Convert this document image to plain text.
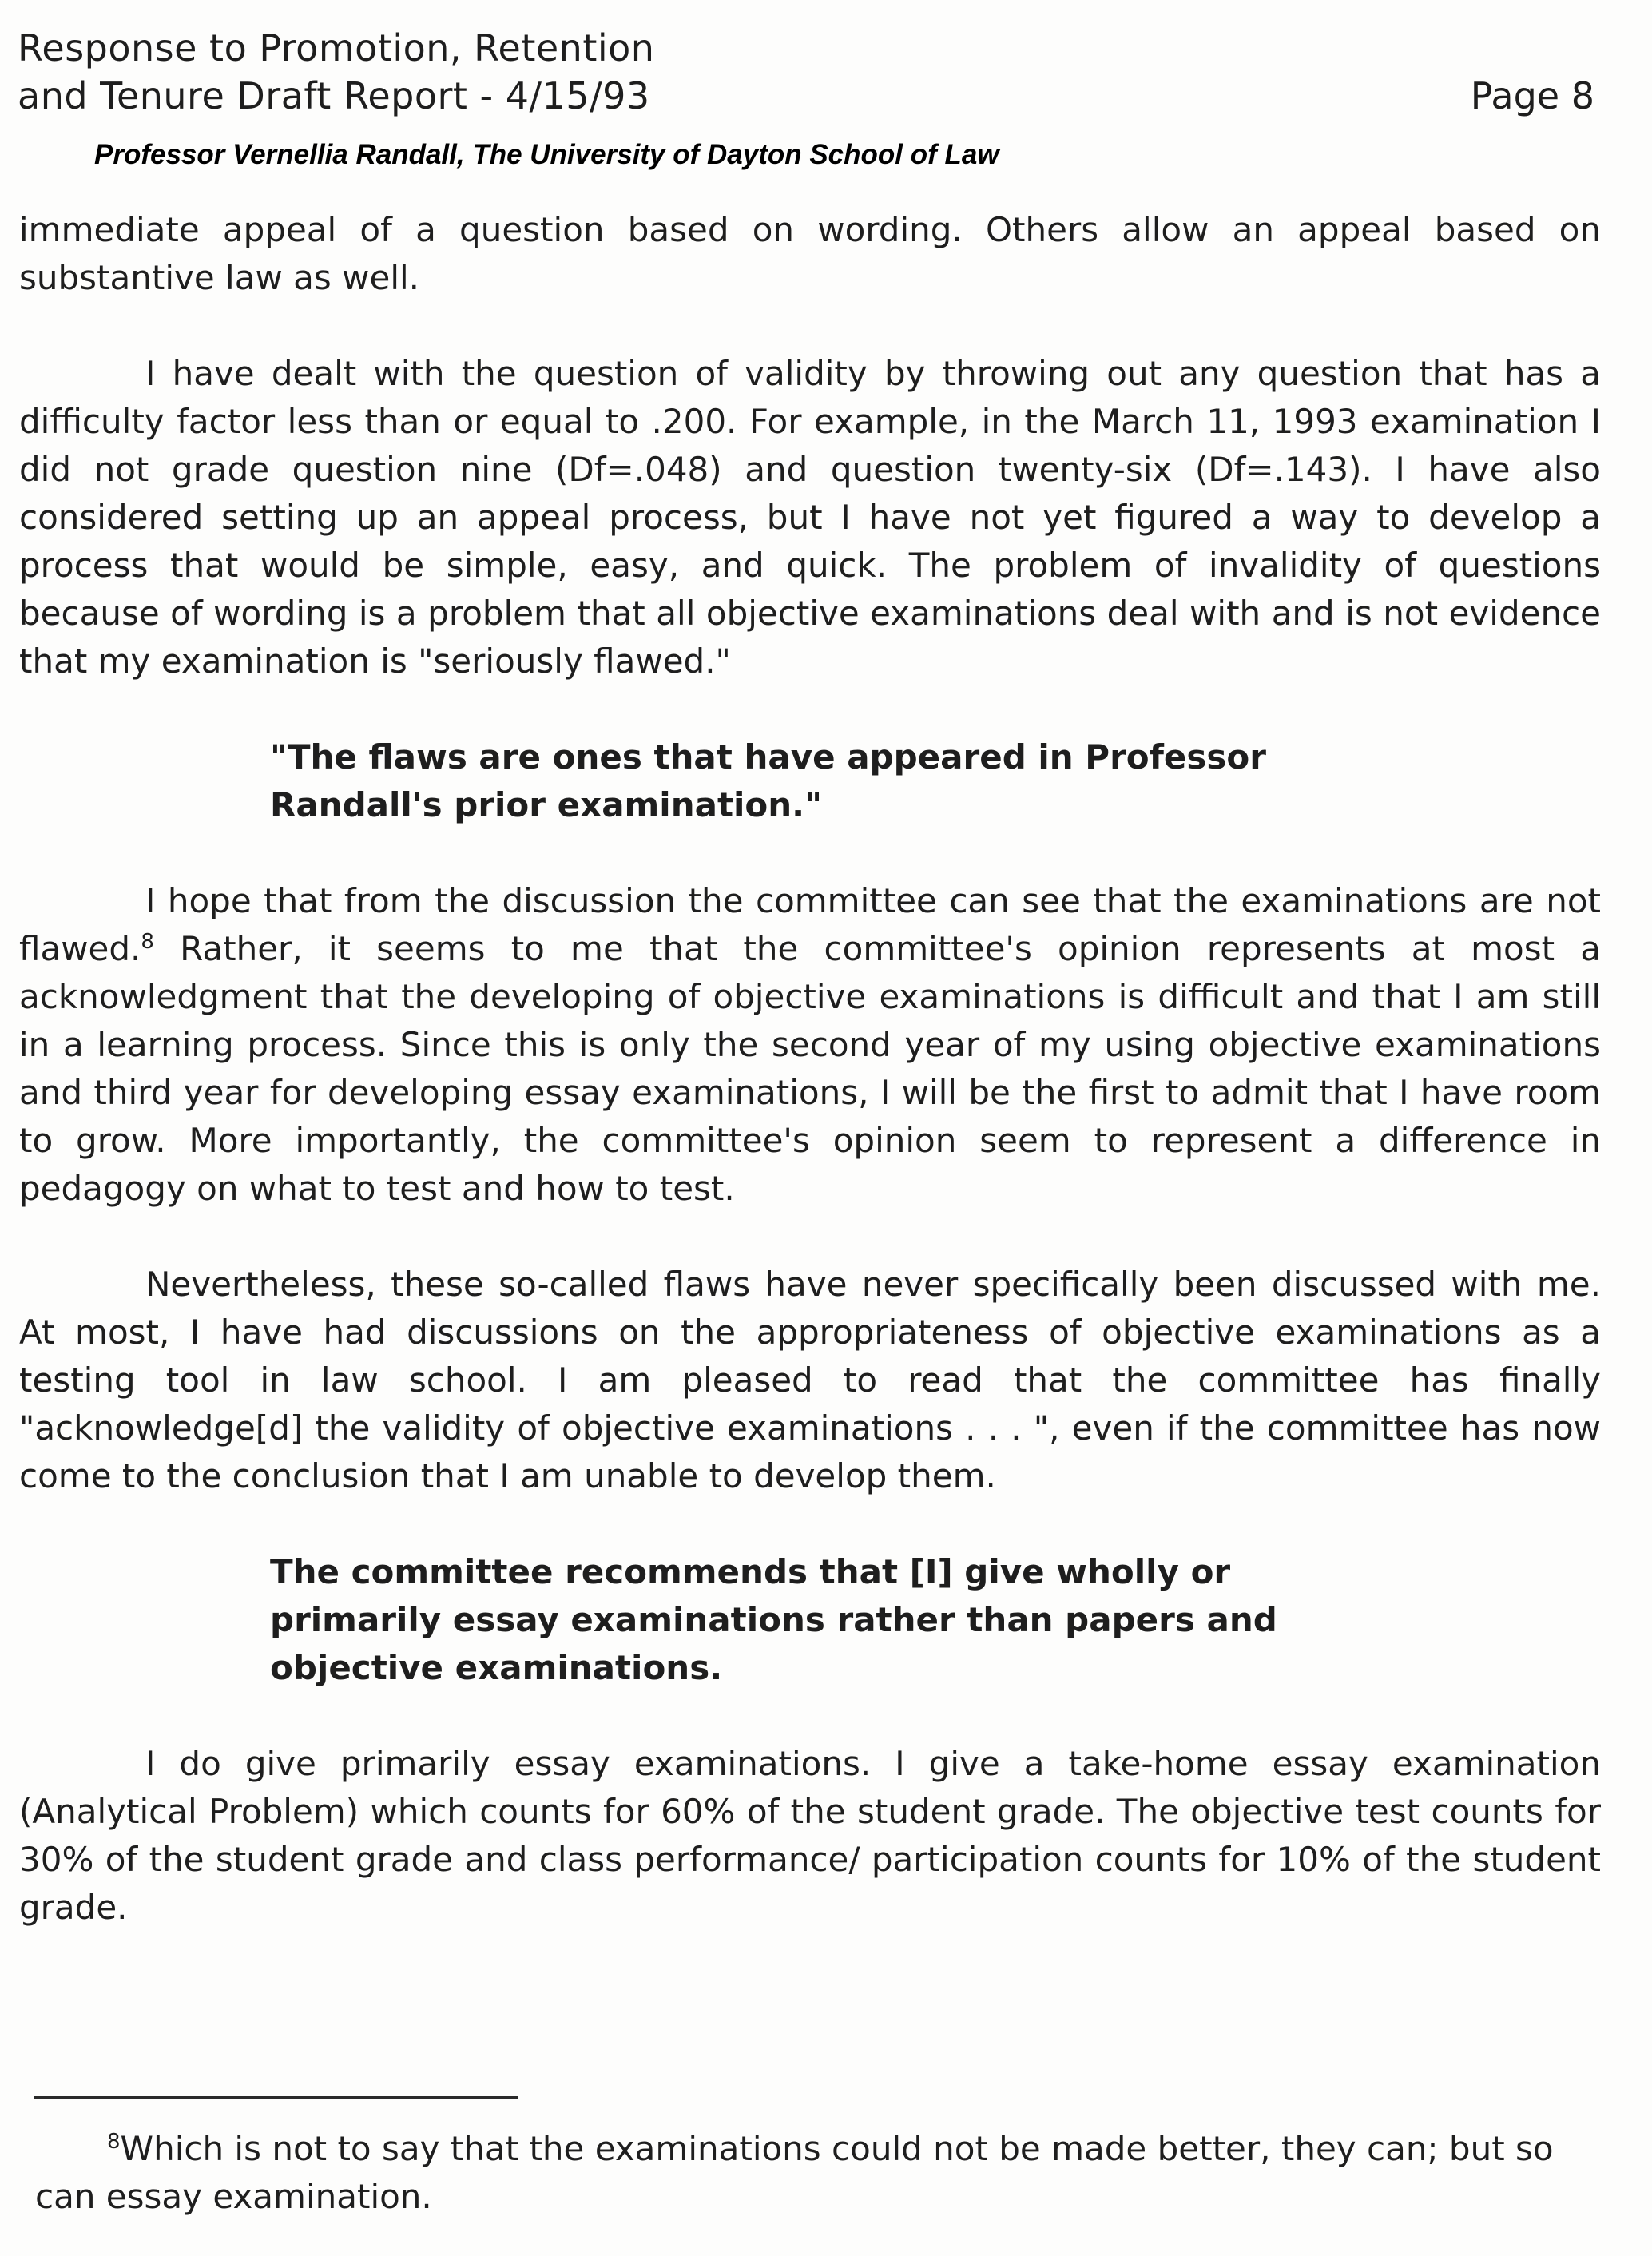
Response to Promotion, Retention
and Tenure Draft Report - 4/15/93	Page 8
Professor Vernellia Randall, The University of Dayton School of Law

immediate appeal of a question based on wording. Others allow an appeal based on substantive law as well.

I have dealt with the question of validity by throwing out any question that has a difficulty factor less than or equal to .200. For example, in the March 11, 1993 examination I did not grade question nine (Df=.048) and question twenty-six (Df=.143). I have also considered setting up an appeal process, but I have not yet figured a way to develop a process that would be simple, easy, and quick. The problem of invalidity of questions because of wording is a problem that all objective examinations deal with and is not evidence that my examination is "seriously flawed."

"The flaws are ones that have appeared in Professor Randall's prior examination."

I hope that from the discussion the committee can see that the examinations are not flawed.$^8$ Rather, it seems to me that the committee's opinion represents at most a acknowledgment that the developing of objective examinations is difficult and that I am still in a learning process. Since this is only the second year of my using objective examinations and third year for developing essay examinations, I will be the first to admit that I have room to grow. More importantly, the committee's opinion seem to represent a difference in pedagogy on what to test and how to test.

Nevertheless, these so-called flaws have never specifically been discussed with me. At most, I have had discussions on the appropriateness of objective examinations as a testing tool in law school. I am pleased to read that the committee has finally "acknowledge[d] the validity of objective examinations . . . ", even if the committee has now come to the conclusion that I am unable to develop them.

The committee recommends that [I] give wholly or primarily essay examinations rather than papers and objective examinations.

I do give primarily essay examinations. I give a take-home essay examination (Analytical Problem) which counts for 60% of the student grade. The objective test counts for 30% of the student grade and class performance/ participation counts for 10% of the student grade.

$^8$Which is not to say that the examinations could not be made better, they can; but so can essay examination.
